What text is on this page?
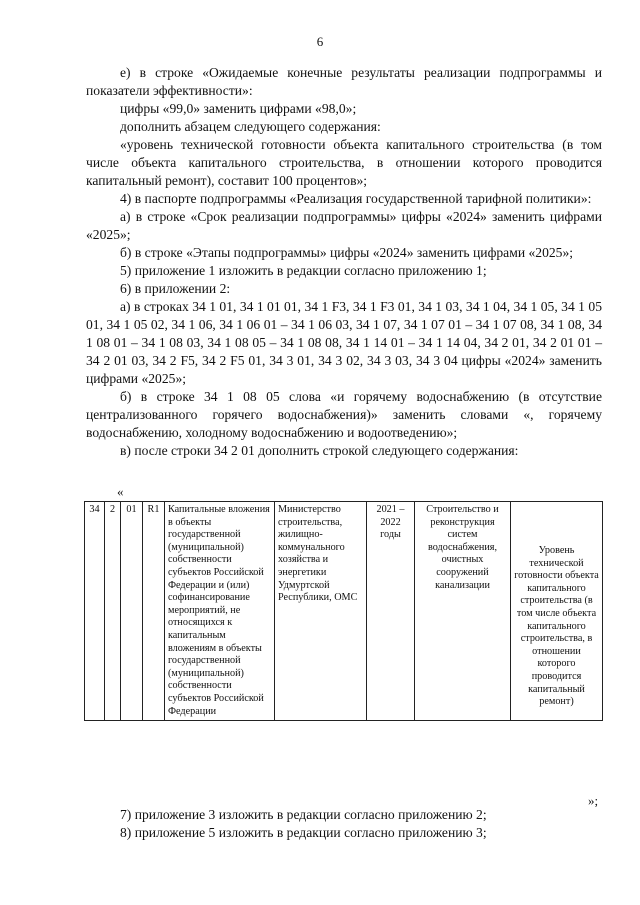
6

е) в строке «Ожидаемые конечные результаты реализации подпрограммы и показатели эффективности»:

цифры «99,0» заменить цифрами «98,0»;

дополнить абзацем следующего содержания:

«уровень технической готовности объекта капитального строительства (в том числе объекта капитального строительства, в отношении которого проводится капитальный ремонт), составит 100 процентов»;

4) в паспорте подпрограммы «Реализация государственной тарифной политики»:

а) в строке «Срок реализации подпрограммы» цифры «2024» заменить цифрами «2025»;

б) в строке «Этапы подпрограммы» цифры «2024» заменить цифрами «2025»;

5) приложение 1 изложить в редакции согласно приложению 1;

6) в приложении 2:

а) в строках 34 1 01, 34 1 01 01, 34 1 F3, 34 1 F3 01, 34 1 03, 34 1 04, 34 1 05, 34 1 05 01, 34 1 05 02, 34 1 06, 34 1 06 01 – 34 1 06 03, 34 1 07, 34 1 07 01 – 34 1 07 08, 34 1 08, 34 1 08 01 – 34 1 08 03, 34 1 08 05 – 34 1 08 08, 34 1 14 01 – 34 1 14 04, 34 2 01, 34 2 01 01 – 34 2 01 03, 34 2 F5, 34 2 F5 01, 34 3 01, 34 3 02, 34 3 03, 34 3 04 цифры «2024» заменить цифрами «2025»;

б) в строке 34 1 08 05 слова «и горячему водоснабжению (в отсутствие централизованного горячего водоснабжения)» заменить словами «, горячему водоснабжению, холодному водоснабжению и водоотведению»;

в) после строки 34 2 01 дополнить строкой следующего содержания:

«
34	2	01	R1	Капитальные вложения в объекты государственной (муниципальной) собственности субъектов Российской Федерации и (или) софинансирование мероприятий, не относящихся к капитальным вложениям в объекты государственной (муниципальной) собственности субъектов Российской Федерации	Министерство строительства, жилищно-коммунального хозяйства и энергетики Удмуртской Республики, ОМС	2021 – 2022 годы	Строительство и реконструкция систем водоснабжения, очистных сооружений канализации	Уровень технической готовности объекта капитального строительства (в том числе объекта капитального строительства, в отношении которого проводится капитальный ремонт)
»;

7) приложение 3 изложить в редакции согласно приложению 2;

8) приложение 5 изложить в редакции согласно приложению 3;
